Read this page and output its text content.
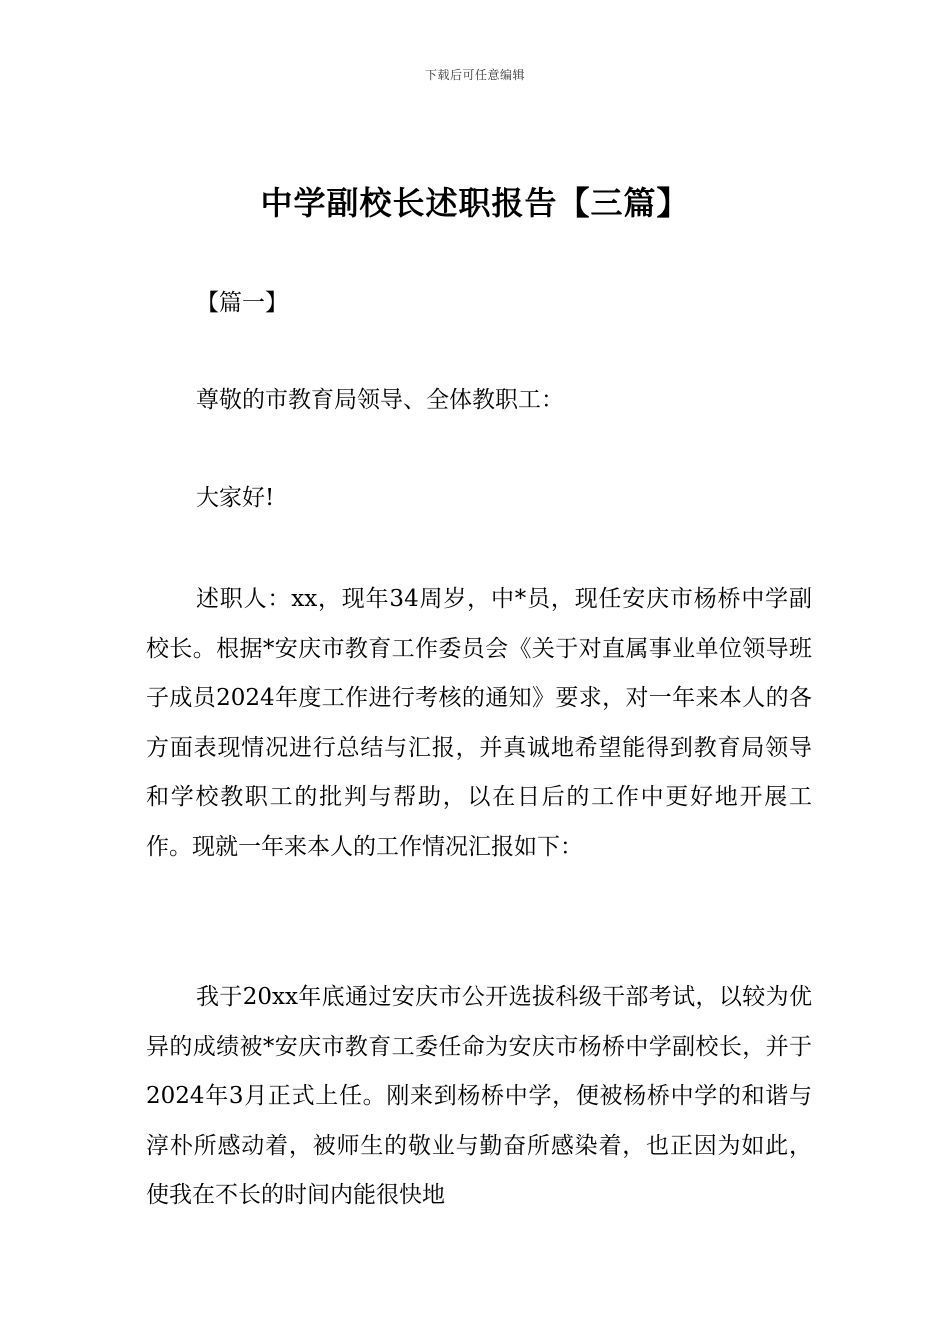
下载后可任意编辑
中学副校长述职报告【三篇】
【篇一】

尊敬的市教育局领导、全体教职工：

大家好!

述职人：xx，现年34周岁，中*员，现任安庆市杨桥中学副校长。根据*安庆市教育工作委员会《关于对直属事业单位领导班子成员2024年度工作进行考核的通知》要求，对一年来本人的各方面表现情况进行总结与汇报，并真诚地希望能得到教育局领导和学校教职工的批判与帮助，以在日后的工作中更好地开展工作。现就一年来本人的工作情况汇报如下：

我于20xx年底通过安庆市公开选拔科级干部考试，以较为优异的成绩被*安庆市教育工委任命为安庆市杨桥中学副校长，并于2024年3月正式上任。刚来到杨桥中学，便被杨桥中学的和谐与淳朴所感动着，被师生的敬业与勤奋所感染着，也正因为如此，使我在不长的时间内能很快地
